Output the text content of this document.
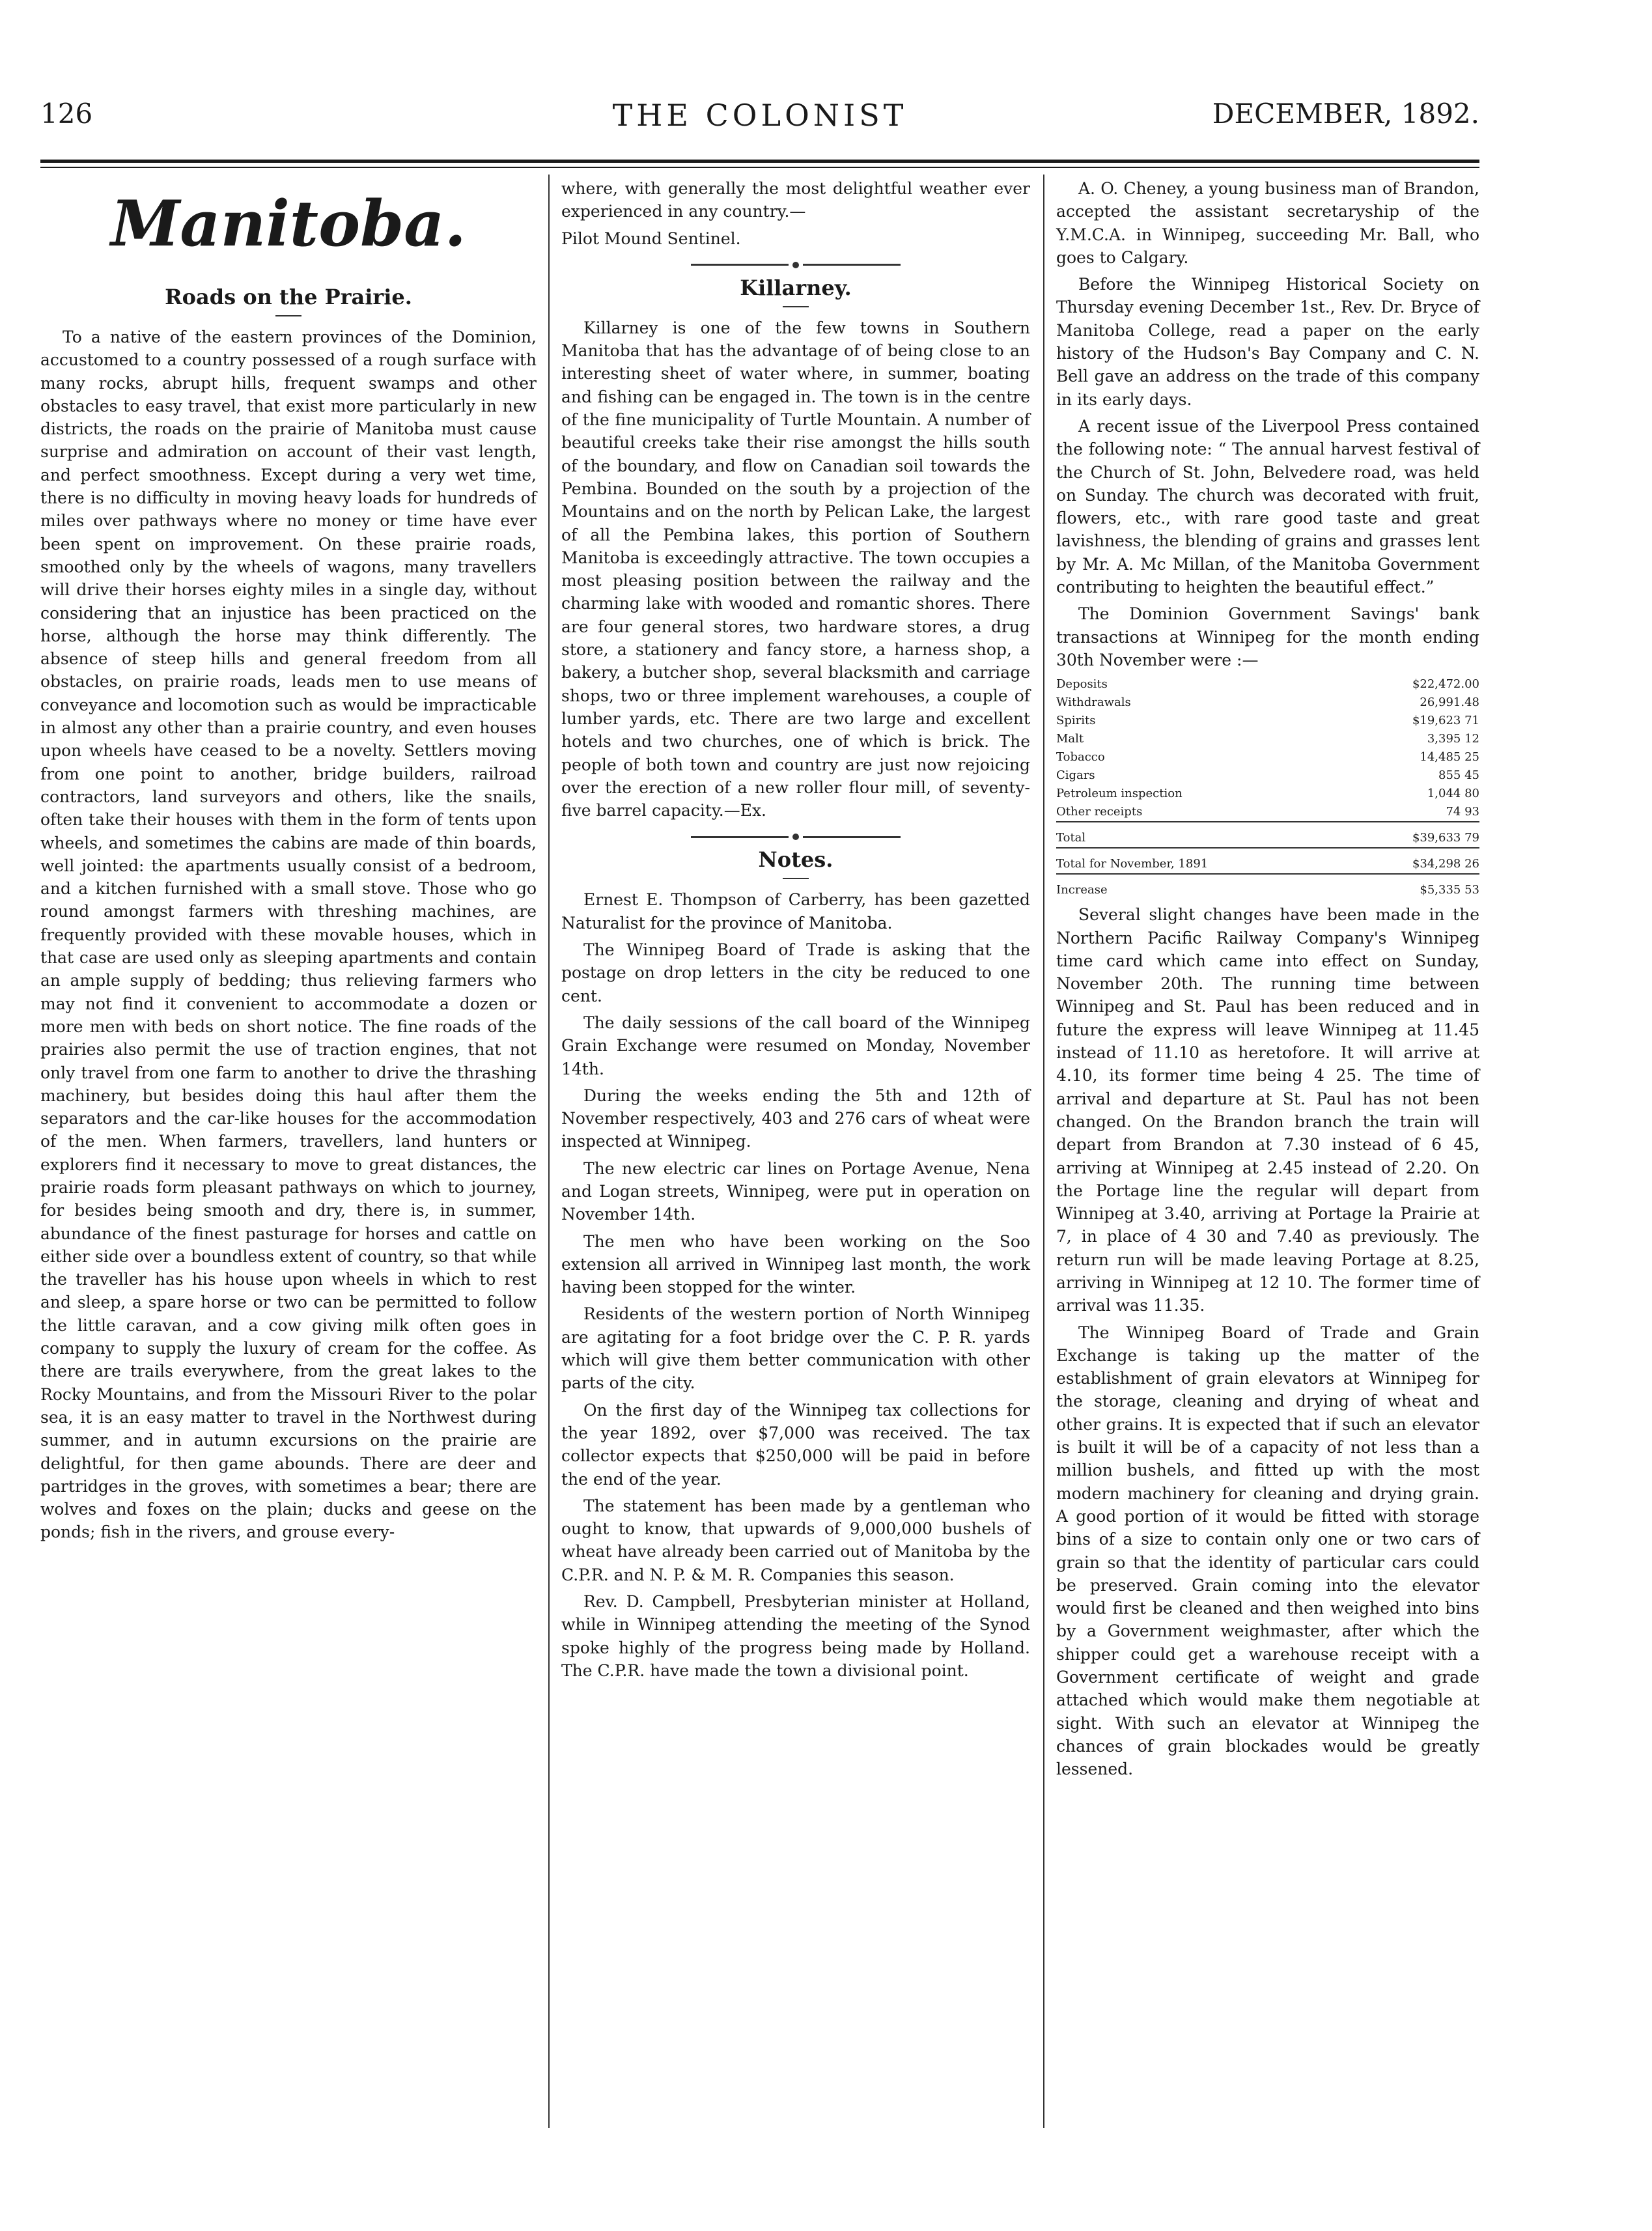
126	THE COLONIST	DECEMBER, 1892.
Manitoba.
Roads on the Prairie.

To a native of the eastern provinces of the Dominion, accustomed to a country possessed of a rough surface with many rocks, abrupt hills, frequent swamps and other obstacles to easy travel, that exist more particularly in new districts, the roads on the prairie of Manitoba must cause surprise and admiration on account of their vast length, and perfect smoothness. Except during a very wet time, there is no difficulty in moving heavy loads for hundreds of miles over pathways where no money or time have ever been spent on improvement. On these prairie roads, smoothed only by the wheels of wagons, many travellers will drive their horses eighty miles in a single day, without considering that an injustice has been practiced on the horse, although the horse may think differently. The absence of steep hills and general freedom from all obstacles, on prairie roads, leads men to use means of conveyance and locomotion such as would be impracticable in almost any other than a prairie country, and even houses upon wheels have ceased to be a novelty. Settlers moving from one point to another, bridge builders, railroad contractors, land surveyors and others, like the snails, often take their houses with them in the form of tents upon wheels, and sometimes the cabins are made of thin boards, well jointed: the apartments usually consist of a bedroom, and a kitchen furnished with a small stove. Those who go round amongst farmers with threshing machines, are frequently provided with these movable houses, which in that case are used only as sleeping apartments and contain an ample supply of bedding; thus relieving farmers who may not find it convenient to accommodate a dozen or more men with beds on short notice. The fine roads of the prairies also permit the use of traction engines, that not only travel from one farm to another to drive the thrashing machinery, but besides doing this haul after them the separators and the car-like houses for the accommodation of the men. When farmers, travellers, land hunters or explorers find it necessary to move to great distances, the prairie roads form pleasant pathways on which to journey, for besides being smooth and dry, there is, in summer, abundance of the finest pasturage for horses and cattle on either side over a boundless extent of country, so that while the traveller has his house upon wheels in which to rest and sleep, a spare horse or two can be permitted to follow the little caravan, and a cow giving milk often goes in company to supply the luxury of cream for the coffee. As there are trails everywhere, from the great lakes to the Rocky Mountains, and from the Missouri River to the polar sea, it is an easy matter to travel in the Northwest during summer, and in autumn excursions on the prairie are delightful, for then game abounds. There are deer and partridges in the groves, with sometimes a bear; there are wolves and foxes on the plain; ducks and geese on the ponds; fish in the rivers, and grouse every-

where, with generally the most delightful weather ever experienced in any country.—

Pilot Mound Sentinel.
Killarney.

Killarney is one of the few towns in Southern Manitoba that has the advantage of of being close to an interesting sheet of water where, in summer, boating and fishing can be engaged in. The town is in the centre of the fine municipality of Turtle Mountain. A number of beautiful creeks take their rise amongst the hills south of the boundary, and flow on Canadian soil towards the Pembina. Bounded on the south by a projection of the Mountains and on the north by Pelican Lake, the largest of all the Pembina lakes, this portion of Southern Manitoba is exceedingly attractive. The town occupies a most pleasing position between the railway and the charming lake with wooded and romantic shores. There are four general stores, two hardware stores, a drug store, a stationery and fancy store, a harness shop, a bakery, a butcher shop, several blacksmith and carriage shops, two or three implement warehouses, a couple of lumber yards, etc. There are two large and excellent hotels and two churches, one of which is brick. The people of both town and country are just now rejoicing over the erection of a new roller flour mill, of seventy-five barrel capacity.—Ex.

Notes.

Ernest E. Thompson of Carberry, has been gazetted Naturalist for the province of Manitoba.

The Winnipeg Board of Trade is asking that the postage on drop letters in the city be reduced to one cent.

The daily sessions of the call board of the Winnipeg Grain Exchange were resumed on Monday, November 14th.

During the weeks ending the 5th and 12th of November respectively, 403 and 276 cars of wheat were inspected at Winnipeg.

The new electric car lines on Portage Avenue, Nena and Logan streets, Winnipeg, were put in operation on November 14th.

The men who have been working on the Soo extension all arrived in Winnipeg last month, the work having been stopped for the winter.

Residents of the western portion of North Winnipeg are agitating for a foot bridge over the C. P. R. yards which will give them better communication with other parts of the city.

On the first day of the Winnipeg tax collections for the year 1892, over $7,000 was received. The tax collector expects that $250,000 will be paid in before the end of the year.

The statement has been made by a gentleman who ought to know, that upwards of 9,000,000 bushels of wheat have already been carried out of Manitoba by the C.P.R. and N. P. & M. R. Companies this season.

Rev. D. Campbell, Presbyterian minister at Holland, while in Winnipeg attending the meeting of the Synod spoke highly of the progress being made by Holland. The C.P.R. have made the town a divisional point.

A. O. Cheney, a young business man of Brandon, accepted the assistant secretaryship of the Y.M.C.A. in Winnipeg, succeeding Mr. Ball, who goes to Calgary.

Before the Winnipeg Historical Society on Thursday evening December 1st., Rev. Dr. Bryce of Manitoba College, read a paper on the early history of the Hudson's Bay Company and C. N. Bell gave an address on the trade of this company in its early days.

A recent issue of the Liverpool Press contained the following note: “ The annual harvest festival of the Church of St. John, Belvedere road, was held on Sunday. The church was decorated with fruit, flowers, etc., with rare good taste and great lavishness, the blending of grains and grasses lent by Mr. A. Mc Millan, of the Manitoba Government contributing to heighten the beautiful effect.”

The Dominion Government Savings' bank transactions at Winnipeg for the month ending 30th November were :—

Deposits	$22,472.00
Withdrawals	26,991.48
Spirits	$19,623 71
Malt	3,395 12
Tobacco	14,485 25
Cigars	855 45
Petroleum inspection	1,044 80
Other receipts	74 93
Total	$39,633 79
Total for November, 1891	$34,298 26
Increase	$5,335 53

Several slight changes have been made in the Northern Pacific Railway Company's Winnipeg time card which came into effect on Sunday, November 20th. The running time between Winnipeg and St. Paul has been reduced and in future the express will leave Winnipeg at 11.45 instead of 11.10 as heretofore. It will arrive at 4.10, its former time being 4 25. The time of arrival and departure at St. Paul has not been changed. On the Brandon branch the train will depart from Brandon at 7.30 instead of 6 45, arriving at Winnipeg at 2.45 instead of 2.20. On the Portage line the regular will depart from Winnipeg at 3.40, arriving at Portage la Prairie at 7, in place of 4 30 and 7.40 as previously. The return run will be made leaving Portage at 8.25, arriving in Winnipeg at 12 10. The former time of arrival was 11.35.

The Winnipeg Board of Trade and Grain Exchange is taking up the matter of the establishment of grain elevators at Winnipeg for the storage, cleaning and drying of wheat and other grains. It is expected that if such an elevator is built it will be of a capacity of not less than a million bushels, and fitted up with the most modern machinery for cleaning and drying grain. A good portion of it would be fitted with storage bins of a size to contain only one or two cars of grain so that the identity of particular cars could be preserved. Grain coming into the elevator would first be cleaned and then weighed into bins by a Government weighmaster, after which the shipper could get a warehouse receipt with a Government certificate of weight and grade attached which would make them negotiable at sight. With such an elevator at Winnipeg the chances of grain blockades would be greatly lessened.
